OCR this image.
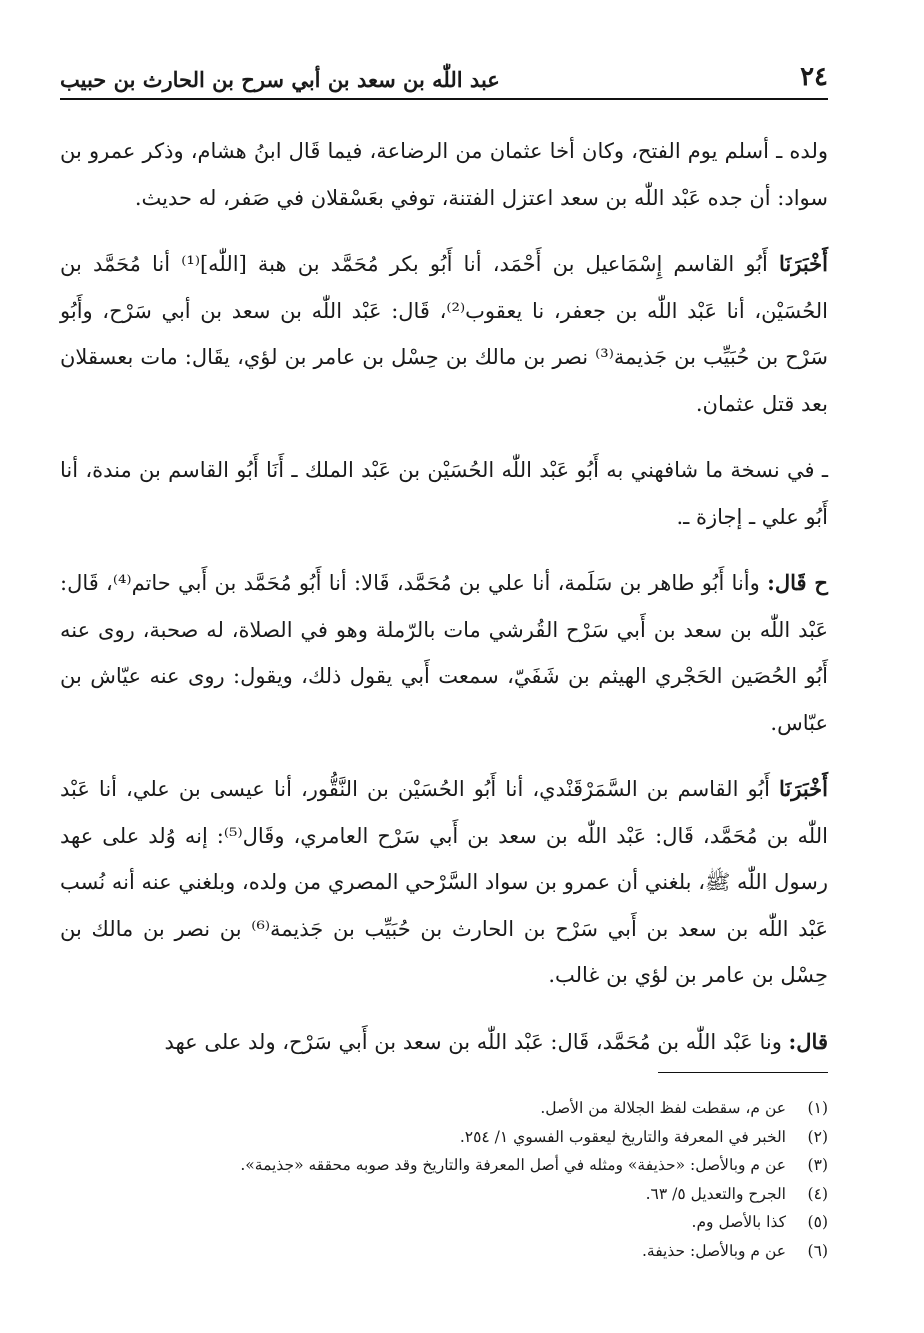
٢٤
عبد اللّٰه بن سعد بن أبي سرح بن الحارث بن حبيب

ولده ـ أسلم يوم الفتح، وكان أخا عثمان من الرضاعة، فيما قَال ابنُ هشام، وذكر عمرو بن سواد: أن جده عَبْد اللّٰه بن سعد اعتزل الفتنة، توفي بعَسْقلان في صَفر، له حديث.

أَخْبَرَنَا أَبُو القاسم إِسْمَاعيل بن أَحْمَد، أنا أَبُو بكر مُحَمَّد بن هبة [اللّٰه]⁽¹⁾ أنا مُحَمَّد بن الحُسَيْن، أنا عَبْد اللّٰه بن جعفر، نا يعقوب⁽²⁾، قَال: عَبْد اللّٰه بن سعد بن أبي سَرْح، وأَبُو سَرْح بن حُبَيِّب بن جَذيمة⁽³⁾ نصر بن مالك بن حِسْل بن عامر بن لؤي، يقَال: مات بعسقلان بعد قتل عثمان.

ـ في نسخة ما شافهني به أَبُو عَبْد اللّٰه الحُسَيْن بن عَبْد الملك ـ أَنَا أَبُو القاسم بن مندة، أنا أَبُو علي ـ إجازة ـ.

ح قَال: وأنا أَبُو طاهر بن سَلَمة، أنا علي بن مُحَمَّد، قَالا: أنا أَبُو مُحَمَّد بن أَبي حاتم⁽⁴⁾، قَال: عَبْد اللّٰه بن سعد بن أَبي سَرْح القُرشي مات بالرّملة وهو في الصلاة، له صحبة، روى عنه أَبُو الحُصَين الحَجْري الهيثم بن شَفَيّ، سمعت أَبي يقول ذلك، ويقول: روى عنه عيّاش بن عبّاس.

أَخْبَرَنَا أَبُو القاسم بن السَّمَرْقَنْدي، أنا أَبُو الحُسَيْن بن النَّقُّور، أنا عيسى بن علي، أنا عَبْد اللّٰه بن مُحَمَّد، قَال: عَبْد اللّٰه بن سعد بن أَبي سَرْح العامري، وقَال⁽⁵⁾: إنه وُلد على عهد رسول اللّٰه ﷺ، بلغني أن عمرو بن سواد السَّرْحي المصري من ولده، وبلغني عنه أنه نُسب عَبْد اللّٰه بن سعد بن أَبي سَرْح بن الحارث بن حُبَيِّب بن جَذيمة⁽⁶⁾ بن نصر بن مالك بن حِسْل بن عامر بن لؤي بن غالب.

قال: ونا عَبْد اللّٰه بن مُحَمَّد، قَال: عَبْد اللّٰه بن سعد بن أَبي سَرْح، ولد على عهد

(١)
عن م، سقطت لفظ الجلالة من الأصل.
(٢)
الخبر في المعرفة والتاريخ ليعقوب الفسوي ١/ ٢٥٤.
(٣)
عن م وبالأصل: «حذيفة» ومثله في أصل المعرفة والتاريخ وقد صوبه محققه «جذيمة».
(٤)
الجرح والتعديل ٥/ ٦٣.
(٥)
كذا بالأصل وم.
(٦)
عن م وبالأصل: حذيفة.
